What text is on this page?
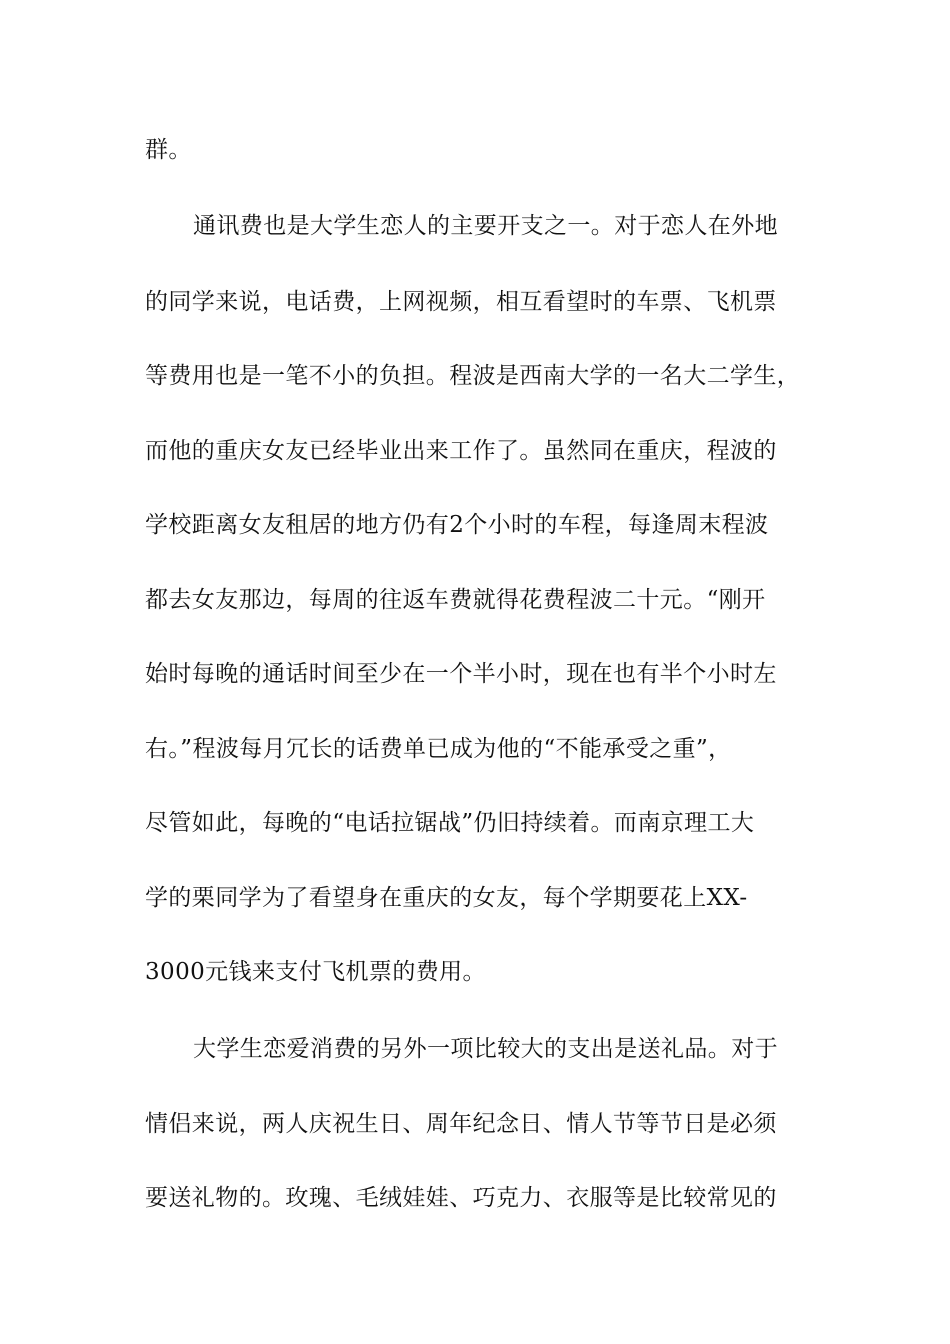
群。
通讯费也是大学生恋人的主要开支之一。对于恋人在外地
的同学来说，电话费，上网视频，相互看望时的车票、飞机票
等费用也是一笔不小的负担。程波是西南大学的一名大二学生，
而他的重庆女友已经毕业出来工作了。虽然同在重庆，程波的
学校距离女友租居的地方仍有2个小时的车程，每逢周末程波
都去女友那边，每周的往返车费就得花费程波二十元。“刚开
始时每晚的通话时间至少在一个半小时，现在也有半个小时左
右。”程波每月冗长的话费单已成为他的“不能承受之重”，
尽管如此，每晚的“电话拉锯战”仍旧持续着。而南京理工大
学的栗同学为了看望身在重庆的女友，每个学期要花上XX-
3000元钱来支付飞机票的费用。
大学生恋爱消费的另外一项比较大的支出是送礼品。对于
情侣来说，两人庆祝生日、周年纪念日、情人节等节日是必须
要送礼物的。玫瑰、毛绒娃娃、巧克力、衣服等是比较常见的
